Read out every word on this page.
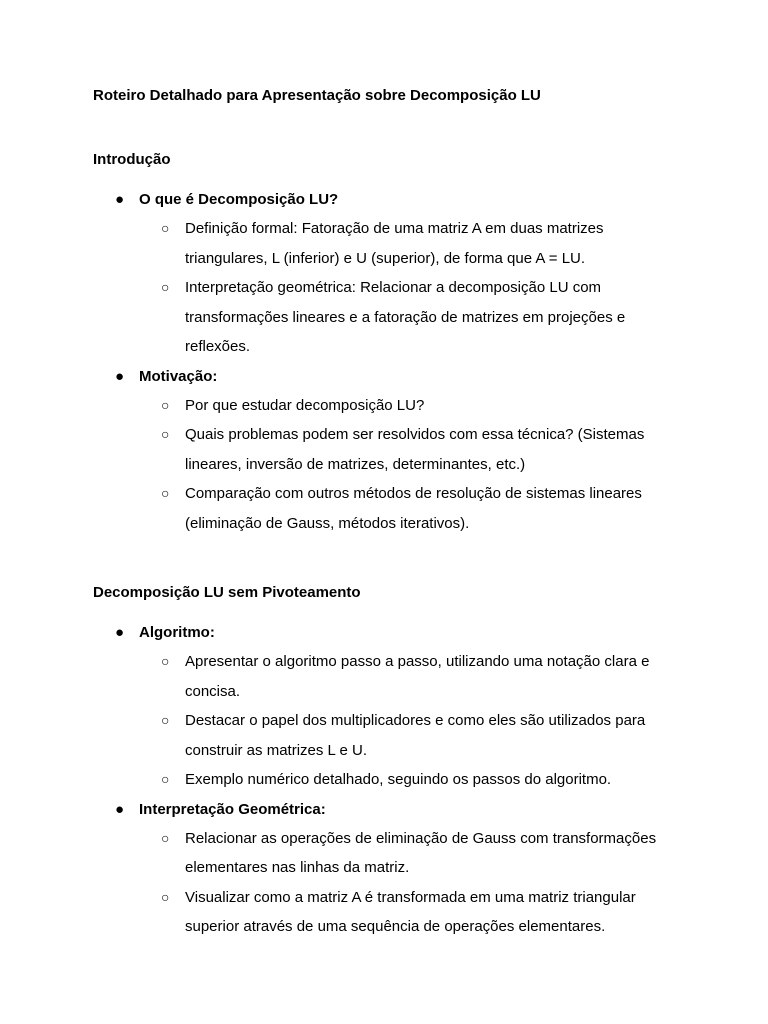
Roteiro Detalhado para Apresentação sobre Decomposição LU
Introdução
● O que é Decomposição LU?
○ Definição formal: Fatoração de uma matriz A em duas matrizes triangulares, L (inferior) e U (superior), de forma que A = LU.
○ Interpretação geométrica: Relacionar a decomposição LU com transformações lineares e a fatoração de matrizes em projeções e reflexões.
● Motivação:
○ Por que estudar decomposição LU?
○ Quais problemas podem ser resolvidos com essa técnica? (Sistemas lineares, inversão de matrizes, determinantes, etc.)
○ Comparação com outros métodos de resolução de sistemas lineares (eliminação de Gauss, métodos iterativos).
Decomposição LU sem Pivoteamento
● Algoritmo:
○ Apresentar o algoritmo passo a passo, utilizando uma notação clara e concisa.
○ Destacar o papel dos multiplicadores e como eles são utilizados para construir as matrizes L e U.
○ Exemplo numérico detalhado, seguindo os passos do algoritmo.
● Interpretação Geométrica:
○ Relacionar as operações de eliminação de Gauss com transformações elementares nas linhas da matriz.
○ Visualizar como a matriz A é transformada em uma matriz triangular superior através de uma sequência de operações elementares.
